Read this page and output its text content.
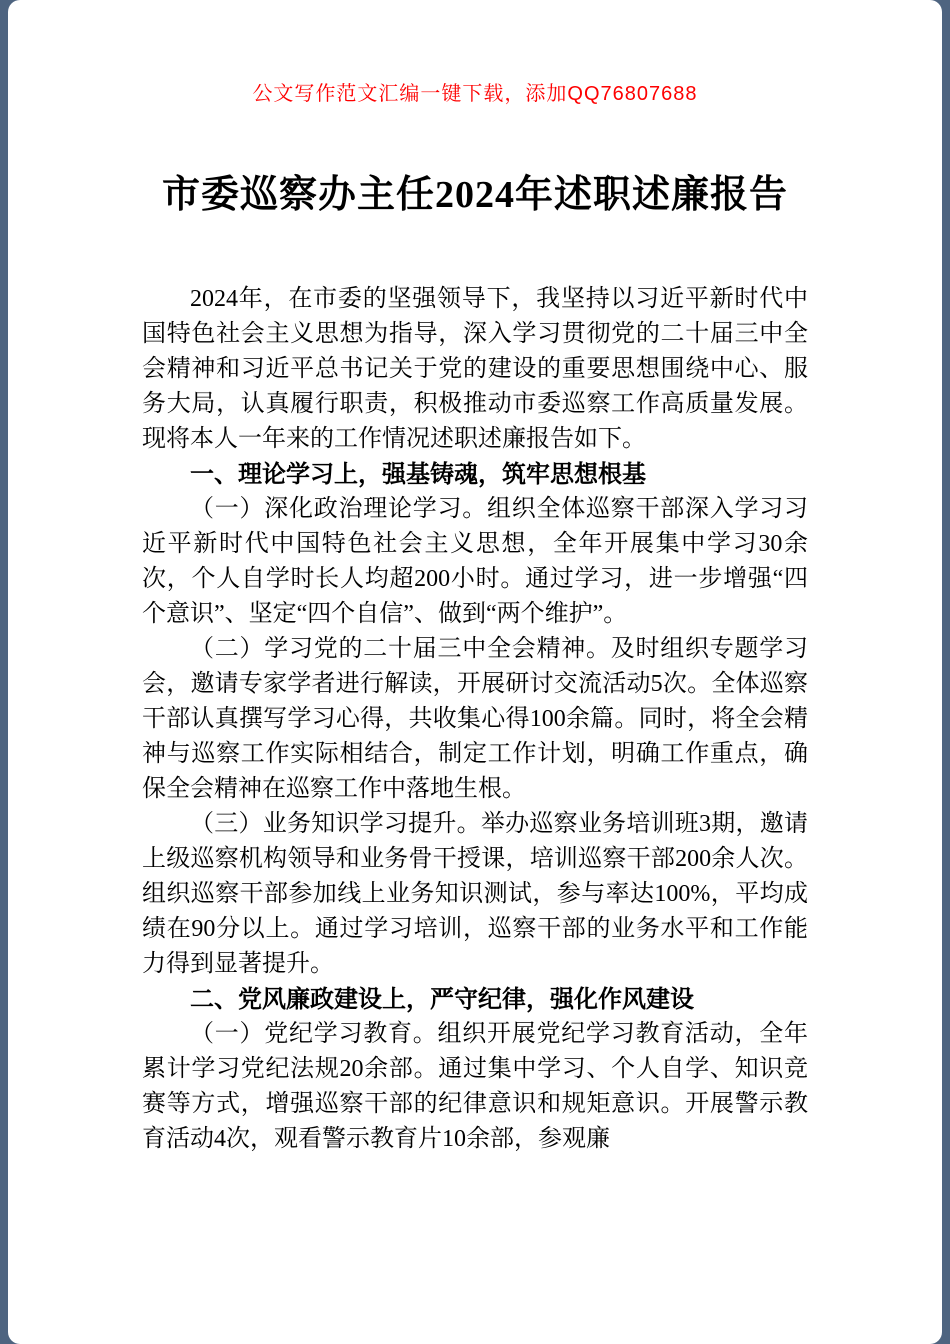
公文写作范文汇编一键下载，添加QQ76807688
市委巡察办主任2024年述职述廉报告

2024年，在市委的坚强领导下，我坚持以习近平新时代中国特色社会主义思想为指导，深入学习贯彻党的二十届三中全会精神和习近平总书记关于党的建设的重要思想围绕中心、服务大局，认真履行职责，积极推动市委巡察工作高质量发展。现将本人一年来的工作情况述职述廉报告如下。

一、理论学习上，强基铸魂，筑牢思想根基

（一）深化政治理论学习。组织全体巡察干部深入学习习近平新时代中国特色社会主义思想，全年开展集中学习30余次，个人自学时长人均超200小时。通过学习，进一步增强“四个意识”、坚定“四个自信”、做到“两个维护”。

（二）学习党的二十届三中全会精神。及时组织专题学习会，邀请专家学者进行解读，开展研讨交流活动5次。全体巡察干部认真撰写学习心得，共收集心得100余篇。同时，将全会精神与巡察工作实际相结合，制定工作计划，明确工作重点，确保全会精神在巡察工作中落地生根。

（三）业务知识学习提升。举办巡察业务培训班3期，邀请上级巡察机构领导和业务骨干授课，培训巡察干部200余人次。组织巡察干部参加线上业务知识测试，参与率达100%，平均成绩在90分以上。通过学习培训，巡察干部的业务水平和工作能力得到显著提升。

二、党风廉政建设上，严守纪律，强化作风建设

（一）党纪学习教育。组织开展党纪学习教育活动，全年累计学习党纪法规20余部。通过集中学习、个人自学、知识竞赛等方式，增强巡察干部的纪律意识和规矩意识。开展警示教育活动4次，观看警示教育片10余部，参观廉
